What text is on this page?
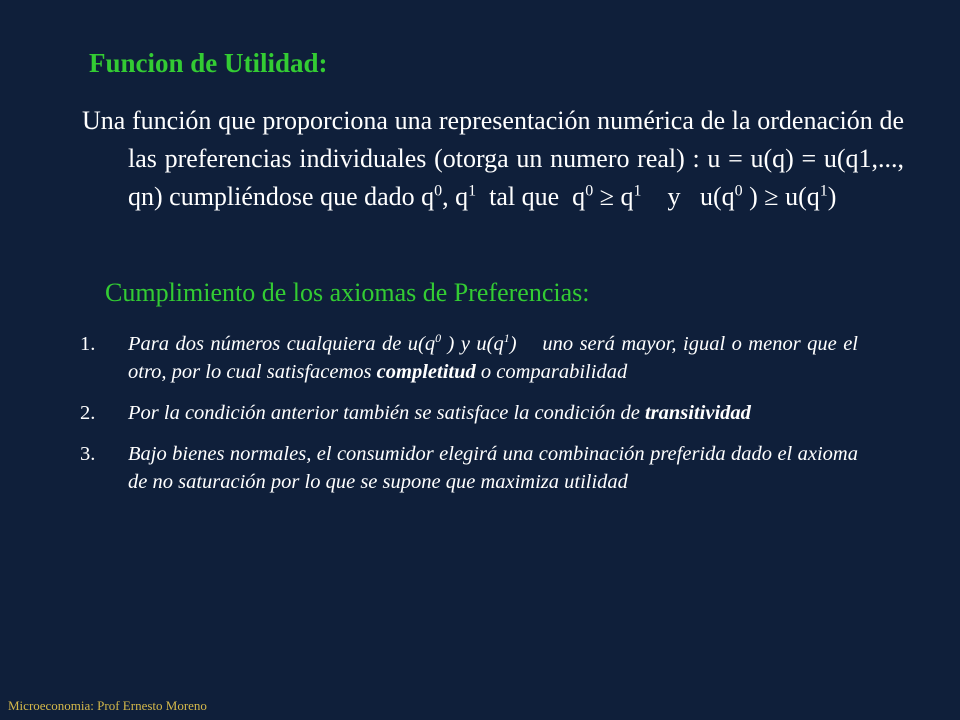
Funcion de Utilidad:
Una función que proporciona una representación numérica de la ordenación de las preferencias individuales (otorga un numero real) : u = u(q) = u(q1,..., qn) cumpliéndose que dado $q^0$, $q^1$  tal que  $q^0 \ge q^1$    y   $u(q^0$ ) ≥ $u(q^1)$
Cumplimiento de los axiomas de Preferencias:
1. Para dos números cualquiera de $u(q^0$ ) y $u(q^1)$    uno será mayor, igual o menor que el otro, por lo cual satisfacemos completitud o comparabilidad
2. Por la condición anterior también se satisface la condición de transitividad
3. Bajo bienes normales, el consumidor elegirá una combinación preferida dado el axioma de no saturación por lo que se supone que maximiza utilidad
Microeconomia: Prof Ernesto Moreno
